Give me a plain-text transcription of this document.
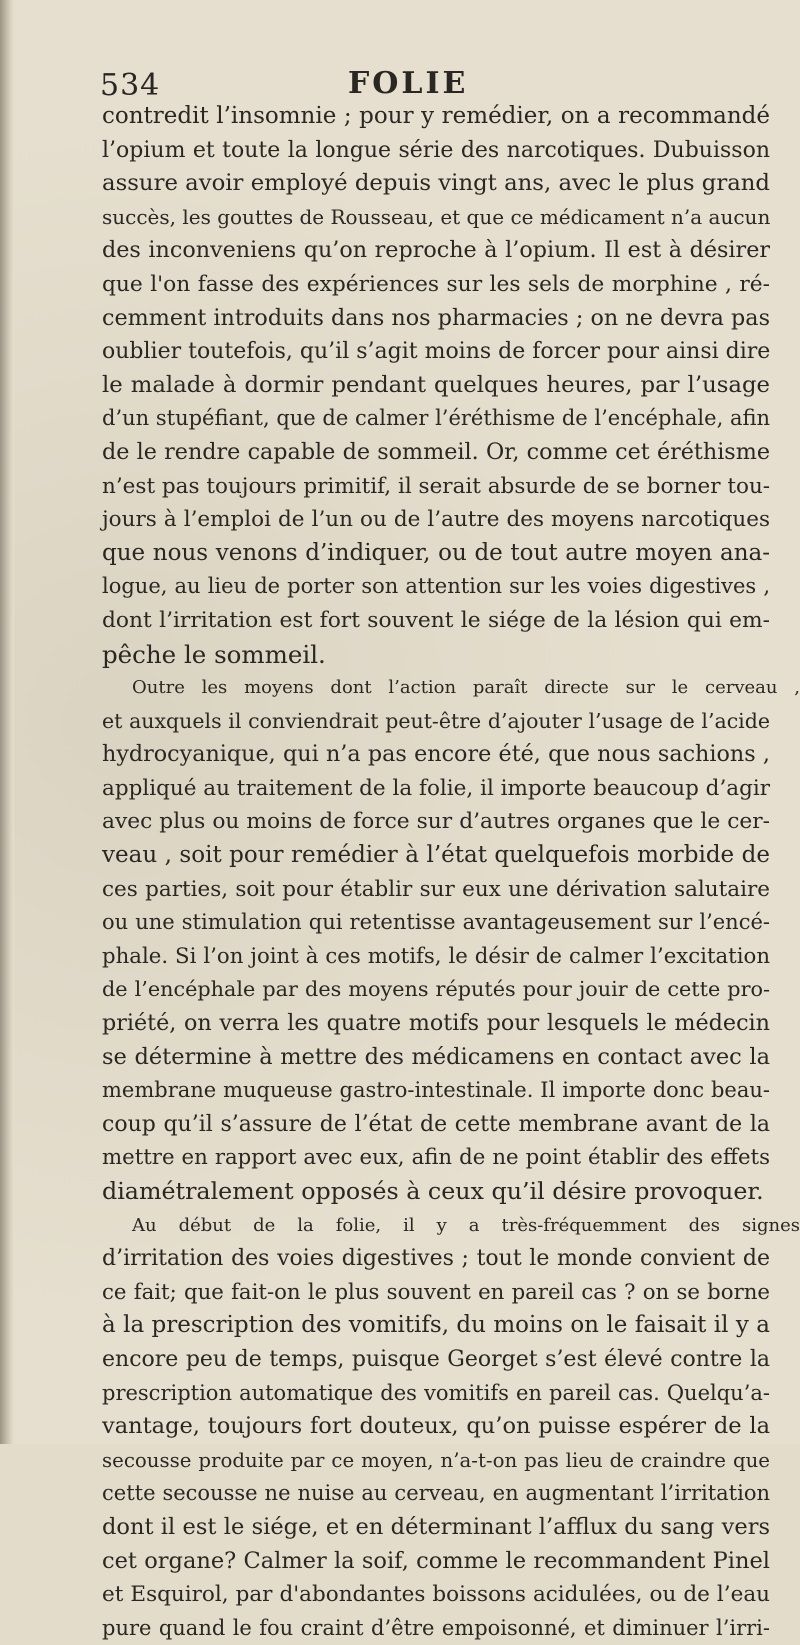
534	FOLIE
contredit l’insomnie ; pour y remédier, on a recommandé
l’opium et toute la longue série des narcotiques. Dubuisson
assure avoir employé depuis vingt ans, avec le plus grand
succès, les gouttes de Rousseau, et que ce médicament n’a aucun
des inconveniens qu’on reproche à l’opium. Il est à désirer
que l'on fasse des expériences sur les sels de morphine , ré-
cemment introduits dans nos pharmacies ; on ne devra pas
oublier toutefois, qu’il s’agit moins de forcer pour ainsi dire
le malade à dormir pendant quelques heures, par l’usage
d’un stupéfiant, que de calmer l’éréthisme de l’encéphale, afin
de le rendre capable de sommeil. Or, comme cet éréthisme
n’est pas toujours primitif, il serait absurde de se borner tou-
jours à l’emploi de l’un ou de l’autre des moyens narcotiques
que nous venons d’indiquer, ou de tout autre moyen ana-
logue, au lieu de porter son attention sur les voies digestives ,
dont l’irritation est fort souvent le siége de la lésion qui em-
pêche le sommeil.
Outre les moyens dont l’action paraît directe sur le cerveau ,
et auxquels il conviendrait peut-être d’ajouter l’usage de l’acide
hydrocyanique, qui n’a pas encore été, que nous sachions ,
appliqué au traitement de la folie, il importe beaucoup d’agir
avec plus ou moins de force sur d’autres organes que le cer-
veau , soit pour remédier à l’état quelquefois morbide de
ces parties, soit pour établir sur eux une dérivation salutaire
ou une stimulation qui retentisse avantageusement sur l’encé-
phale. Si l’on joint à ces motifs, le désir de calmer l’excitation
de l’encéphale par des moyens réputés pour jouir de cette pro-
priété, on verra les quatre motifs pour lesquels le médecin
se détermine à mettre des médicamens en contact avec la
membrane muqueuse gastro-intestinale. Il importe donc beau-
coup qu’il s’assure de l’état de cette membrane avant de la
mettre en rapport avec eux, afin de ne point établir des effets
diamétralement opposés à ceux qu’il désire provoquer.
Au début de la folie, il y a très-fréquemment des signes
d’irritation des voies digestives ; tout le monde convient de
ce fait; que fait-on le plus souvent en pareil cas ? on se borne
à la prescription des vomitifs, du moins on le faisait il y a
encore peu de temps, puisque Georget s’est élevé contre la
prescription automatique des vomitifs en pareil cas. Quelqu’a-
vantage, toujours fort douteux, qu’on puisse espérer de la
secousse produite par ce moyen, n’a-t-on pas lieu de craindre que
cette secousse ne nuise au cerveau, en augmentant l’irritation
dont il est le siége, et en déterminant l’afflux du sang vers
cet organe? Calmer la soif, comme le recommandent Pinel
et Esquirol, par d'abondantes boissons acidulées, ou de l’eau
pure quand le fou craint d’être empoisonné, et diminuer l’irri-
